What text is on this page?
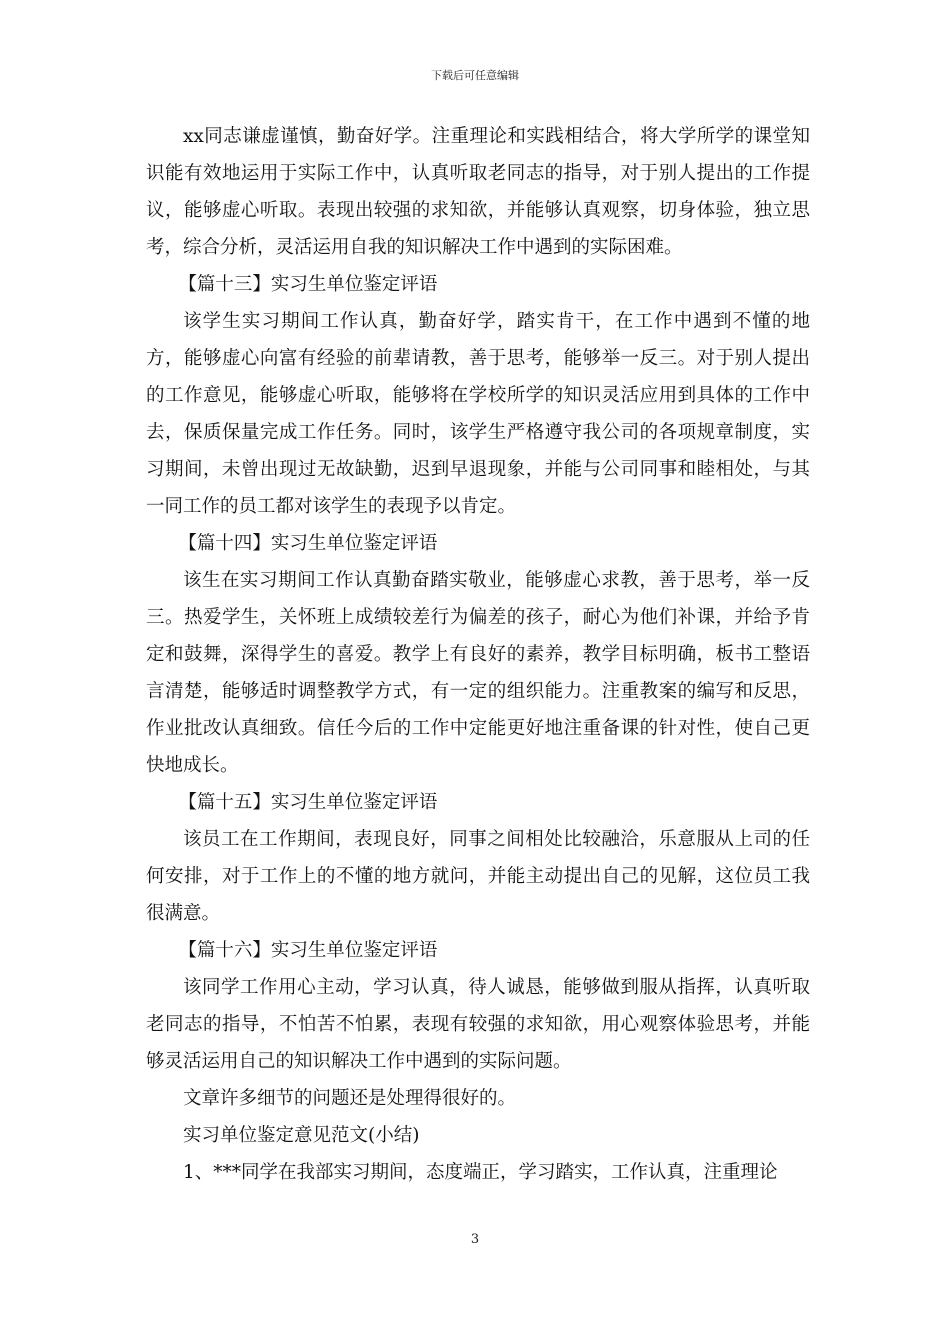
下载后可任意编辑

xx同志谦虚谨慎，勤奋好学。注重理论和实践相结合，将大学所学的课堂知识能有效地运用于实际工作中，认真听取老同志的指导，对于别人提出的工作提议，能够虚心听取。表现出较强的求知欲，并能够认真观察，切身体验，独立思考，综合分析，灵活运用自我的知识解决工作中遇到的实际困难。

【篇十三】实习生单位鉴定评语

该学生实习期间工作认真，勤奋好学，踏实肯干，在工作中遇到不懂的地方，能够虚心向富有经验的前辈请教，善于思考，能够举一反三。对于别人提出的工作意见，能够虚心听取，能够将在学校所学的知识灵活应用到具体的工作中去，保质保量完成工作任务。同时，该学生严格遵守我公司的各项规章制度，实习期间，未曾出现过无故缺勤，迟到早退现象，并能与公司同事和睦相处，与其一同工作的员工都对该学生的表现予以肯定。

【篇十四】实习生单位鉴定评语

该生在实习期间工作认真勤奋踏实敬业，能够虚心求教，善于思考，举一反三。热爱学生，关怀班上成绩较差行为偏差的孩子，耐心为他们补课，并给予肯定和鼓舞，深得学生的喜爱。教学上有良好的素养，教学目标明确，板书工整语言清楚，能够适时调整教学方式，有一定的组织能力。注重教案的编写和反思，作业批改认真细致。信任今后的工作中定能更好地注重备课的针对性，使自己更快地成长。

【篇十五】实习生单位鉴定评语

该员工在工作期间，表现良好，同事之间相处比较融洽，乐意服从上司的任何安排，对于工作上的不懂的地方就问，并能主动提出自己的见解，这位员工我很满意。

【篇十六】实习生单位鉴定评语

该同学工作用心主动，学习认真，待人诚恳，能够做到服从指挥，认真听取老同志的指导，不怕苦不怕累，表现有较强的求知欲，用心观察体验思考，并能够灵活运用自己的知识解决工作中遇到的实际问题。

文章许多细节的问题还是处理得很好的。

实习单位鉴定意见范文(小结)

1、***同学在我部实习期间，态度端正，学习踏实，工作认真，注重理论

3
